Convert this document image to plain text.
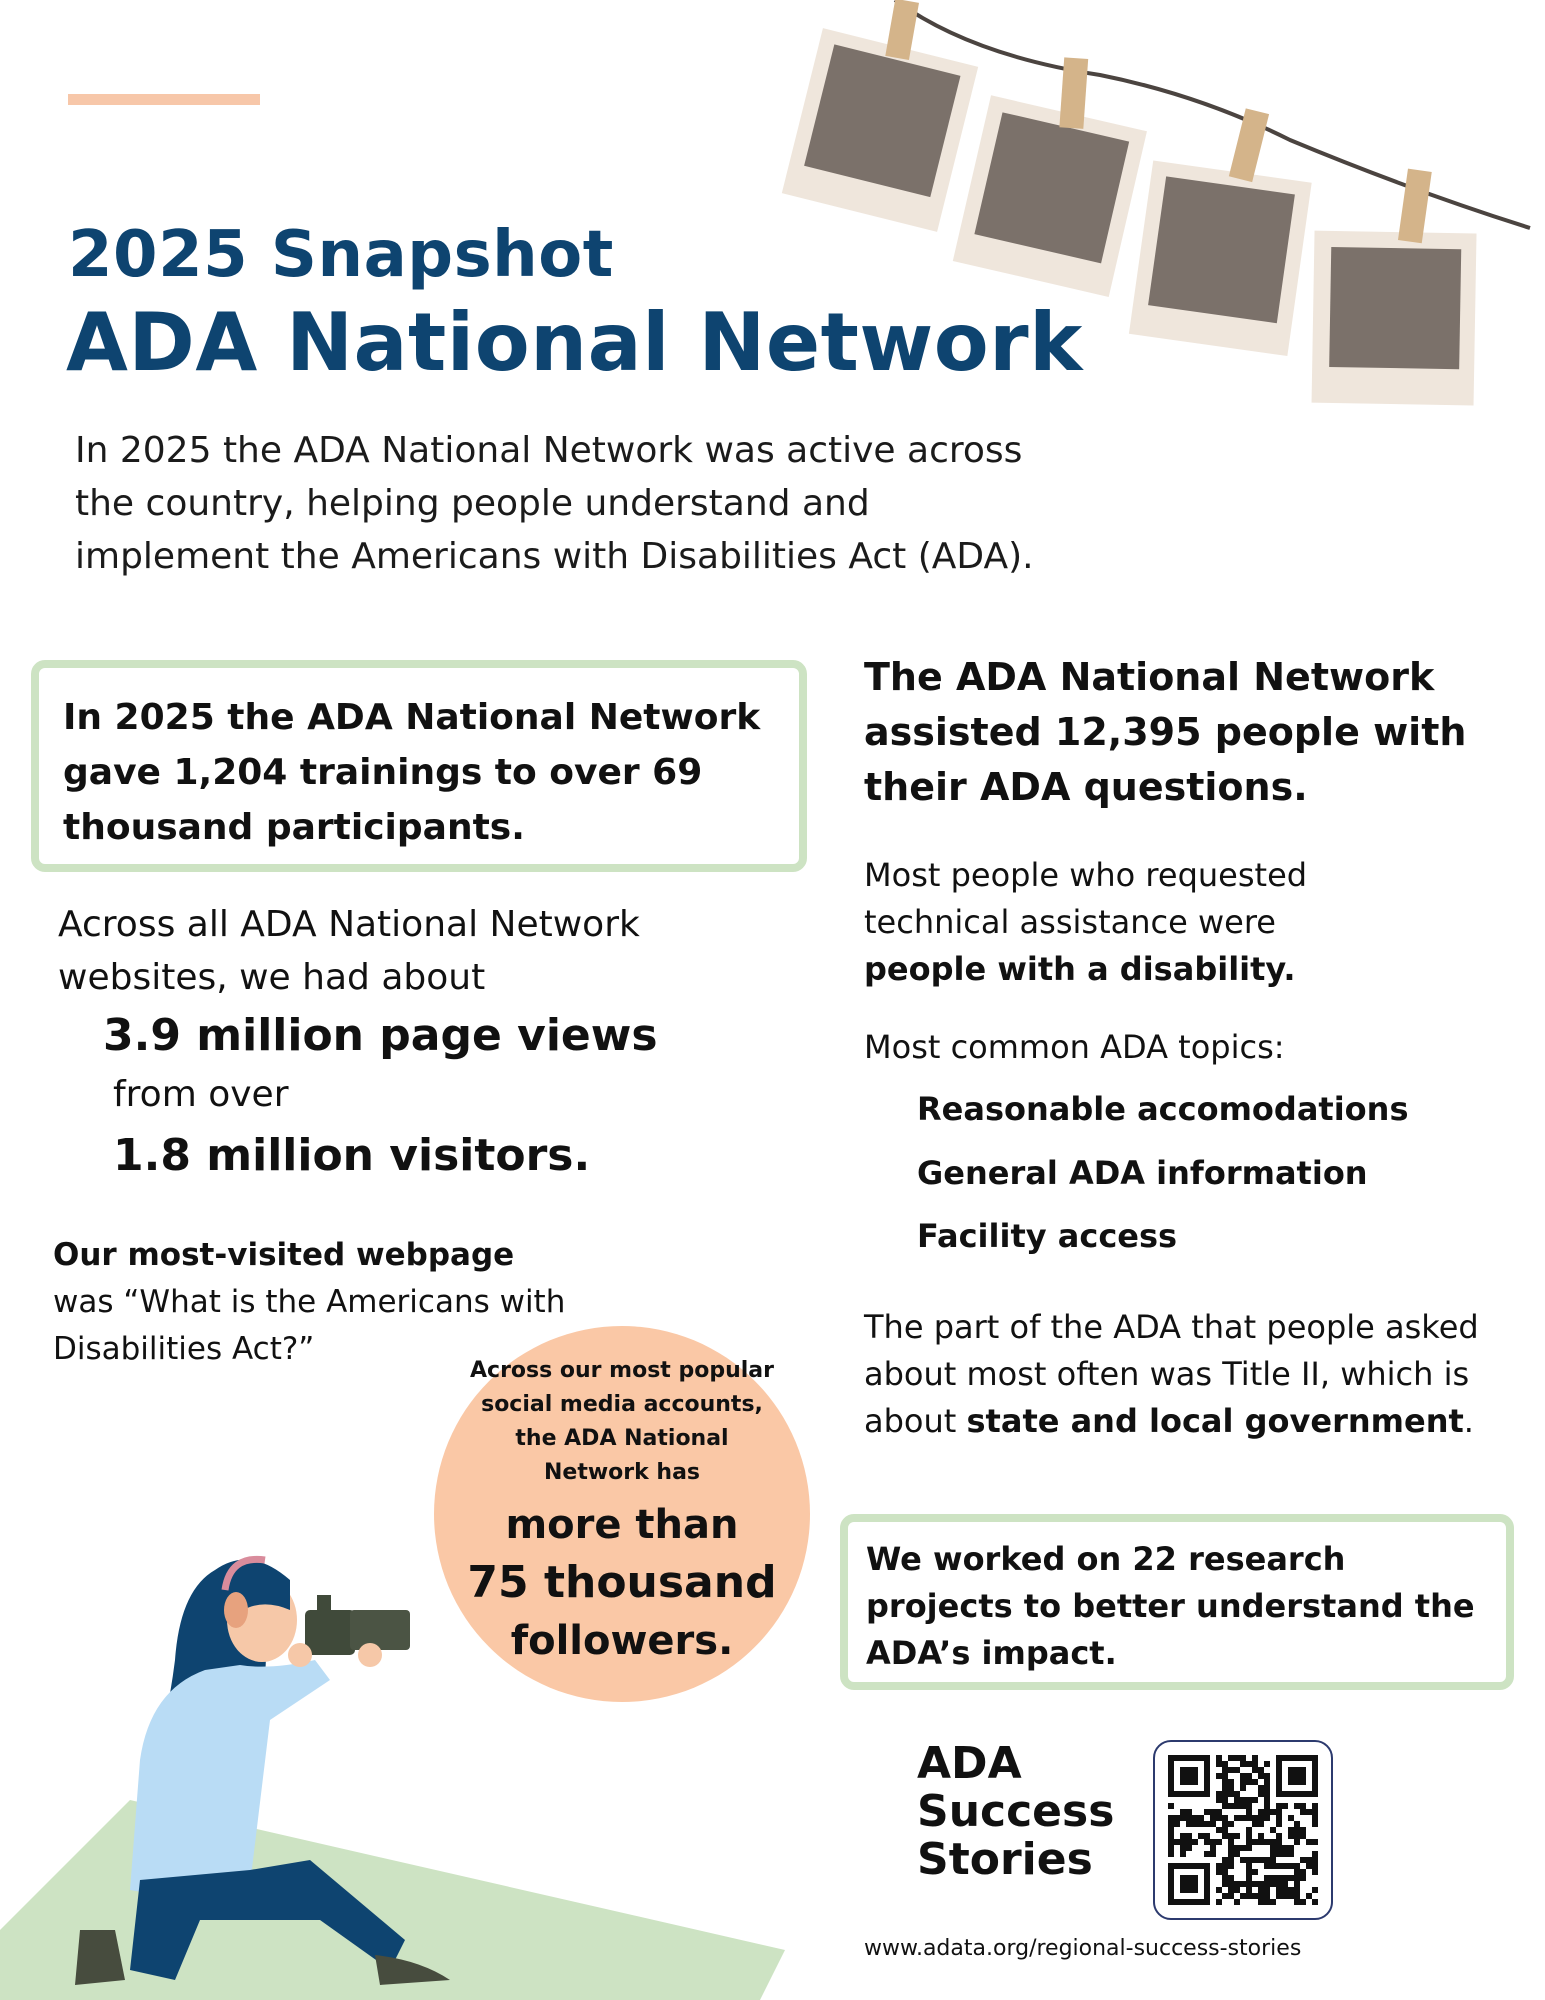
2025 Snapshot
ADA National Network
In 2025 the ADA National Network was active across the country, helping people understand and implement the Americans with Disabilities Act (ADA).
In 2025 the ADA National Network gave 1,204 trainings to over 69 thousand participants.
Across all ADA National Network websites, we had about
3.9 million page views
from over
1.8 million visitors.
Our most-visited webpage
was “What is the Americans with Disabilities Act?”
Across our most popular social media accounts, the ADA National Network has
more than
75 thousand
followers.
The ADA National Network assisted 12,395 people with their ADA questions.
Most people who requested technical assistance were
people with a disability.
Most common ADA topics:
Reasonable accomodations
General ADA information
Facility access
The part of the ADA that people asked about most often was Title II, which is about state and local government.
We worked on 22 research projects to better understand the ADA’s impact.
ADA
Success
Stories
www.adata.org/regional-success-stories
